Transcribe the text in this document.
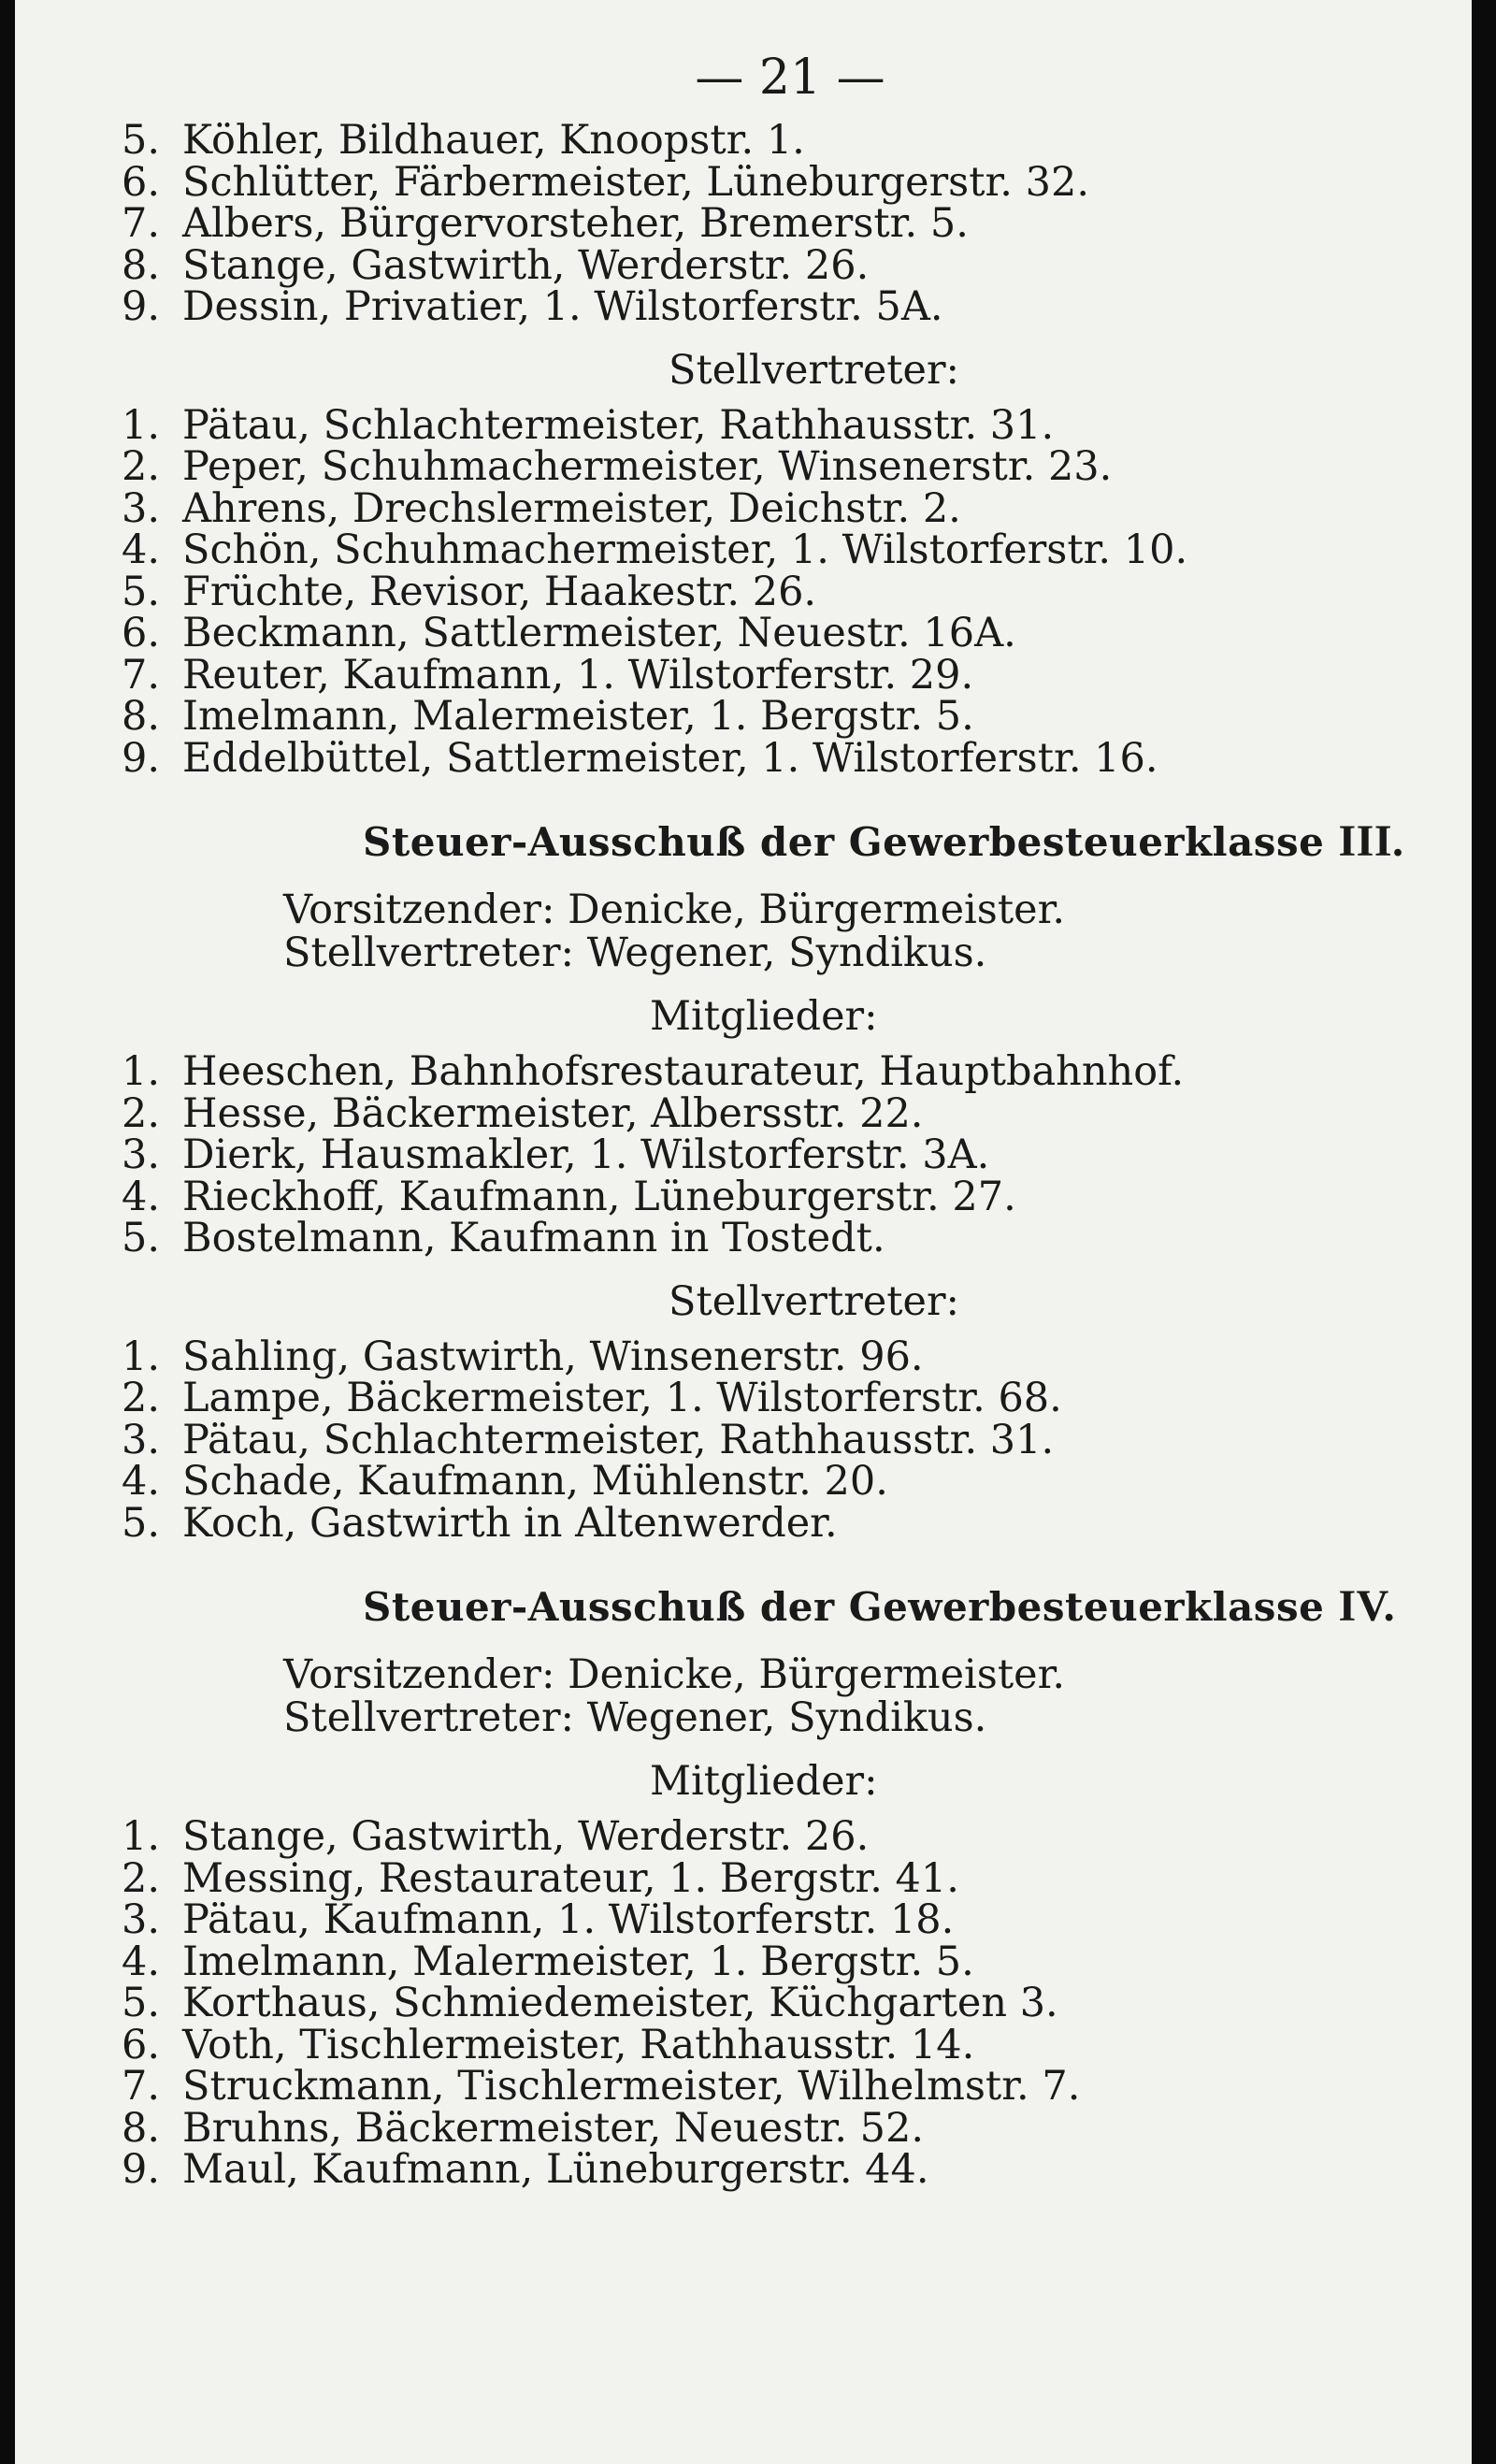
— 21 —
5. Köhler, Bildhauer, Knoopstr. 1.
6. Schlütter, Färbermeister, Lüneburgerstr. 32.
7. Albers, Bürgervorsteher, Bremerstr. 5.
8. Stange, Gastwirth, Werderstr. 26.
9. Dessin, Privatier, 1. Wilstorferstr. 5A.
Stellvertreter:
1. Pätau, Schlachtermeister, Rathhausstr. 31.
2. Peper, Schuhmachermeister, Winsenerstr. 23.
3. Ahrens, Drechslermeister, Deichstr. 2.
4. Schön, Schuhmachermeister, 1. Wilstorferstr. 10.
5. Früchte, Revisor, Haakestr. 26.
6. Beckmann, Sattlermeister, Neuestr. 16A.
7. Reuter, Kaufmann, 1. Wilstorferstr. 29.
8. Imelmann, Malermeister, 1. Bergstr. 5.
9. Eddelbüttel, Sattlermeister, 1. Wilstorferstr. 16.
Steuer-Ausschuß der Gewerbesteuerklasse III.
Vorsitzender: Denicke, Bürgermeister.
Stellvertreter: Wegener, Syndikus.
Mitglieder:
1. Heeschen, Bahnhofsrestaurateur, Hauptbahnhof.
2. Hesse, Bäckermeister, Albersstr. 22.
3. Dierk, Hausmakler, 1. Wilstorferstr. 3A.
4. Rieckhoff, Kaufmann, Lüneburgerstr. 27.
5. Bostelmann, Kaufmann in Tostedt.
Stellvertreter:
1. Sahling, Gastwirth, Winsenerstr. 96.
2. Lampe, Bäckermeister, 1. Wilstorferstr. 68.
3. Pätau, Schlachtermeister, Rathhausstr. 31.
4. Schade, Kaufmann, Mühlenstr. 20.
5. Koch, Gastwirth in Altenwerder.
Steuer-Ausschuß der Gewerbesteuerklasse IV.
Vorsitzender: Denicke, Bürgermeister.
Stellvertreter: Wegener, Syndikus.
Mitglieder:
1. Stange, Gastwirth, Werderstr. 26.
2. Messing, Restaurateur, 1. Bergstr. 41.
3. Pätau, Kaufmann, 1. Wilstorferstr. 18.
4. Imelmann, Malermeister, 1. Bergstr. 5.
5. Korthaus, Schmiedemeister, Küchgarten 3.
6. Voth, Tischlermeister, Rathhausstr. 14.
7. Struckmann, Tischlermeister, Wilhelmstr. 7.
8. Bruhns, Bäckermeister, Neuestr. 52.
9. Maul, Kaufmann, Lüneburgerstr. 44.
